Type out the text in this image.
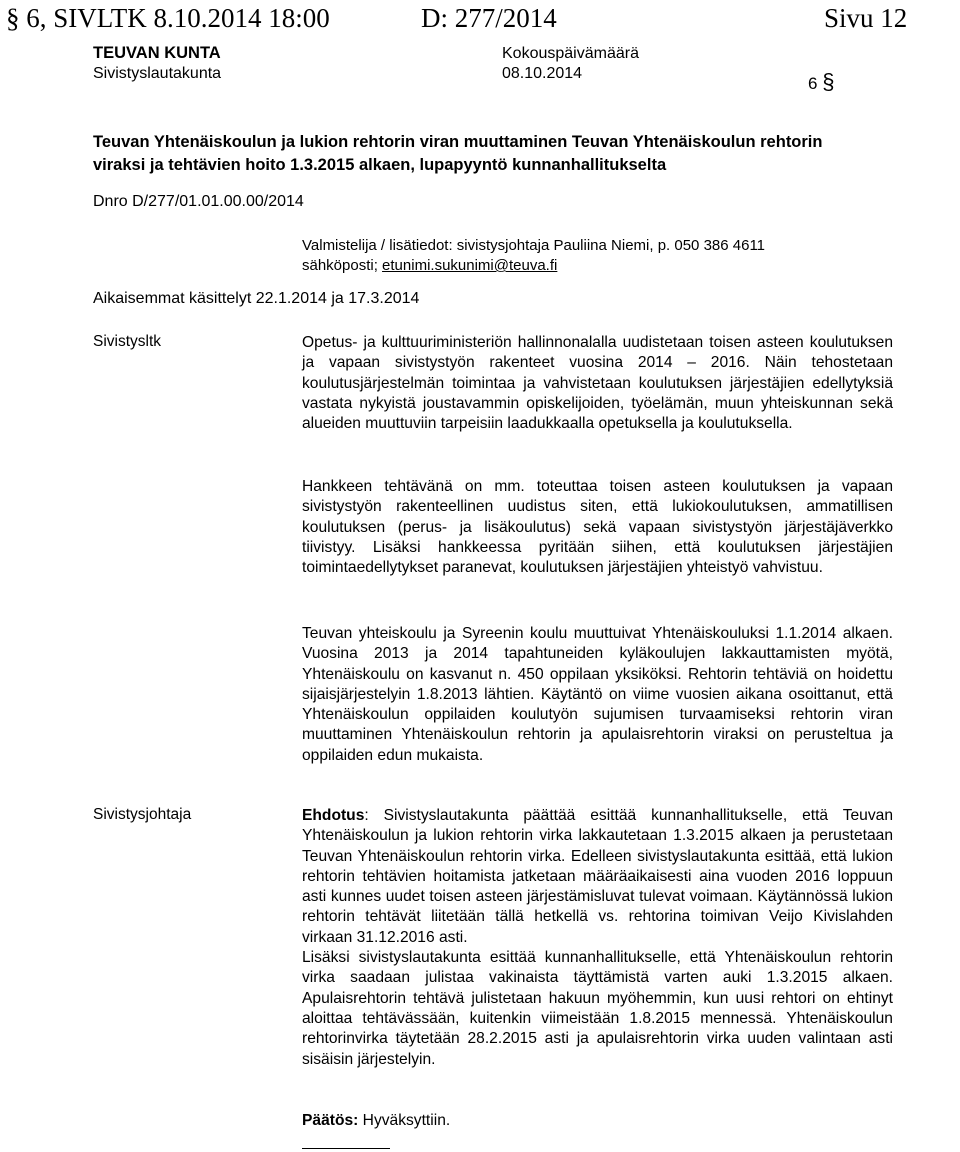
§ 6, SIVLTK 8.10.2014 18:00	D: 277/2014	Sivu 12
TEUVAN KUNTA	Kokouspäivämäärä
Sivistyslautakunta	08.10.2014
6 §
Teuvan Yhtenäiskoulun ja lukion rehtorin viran muuttaminen Teuvan Yhtenäiskoulun rehtorin
viraksi ja tehtävien hoito 1.3.2015 alkaen, lupapyyntö kunnanhallitukselta
Dnro D/277/01.01.00.00/2014
Valmistelija / lisätiedot: sivistysjohtaja Pauliina Niemi, p. 050 386 4611
sähköposti; etunimi.sukunimi@teuva.fi
Aikaisemmat käsittelyt 22.1.2014 ja 17.3.2014
Sivistysltk	Opetus- ja kulttuuriministeriön hallinnonalalla uudistetaan toisen asteen koulutuksen ja vapaan sivistystyön rakenteet vuosina 2014 – 2016. Näin tehostetaan koulutusjärjestelmän toimintaa ja vahvistetaan koulutuksen järjestäjien edellytyksiä vastata nykyistä joustavammin opiskelijoiden, työelämän, muun yhteiskunnan sekä alueiden muuttuviin tarpeisiin laadukkaalla opetuksella ja koulutuksella.

Hankkeen tehtävänä on mm. toteuttaa toisen asteen koulutuksen ja vapaan sivistystyön rakenteellinen uudistus siten, että lukiokoulutuksen, ammatillisen koulutuksen (perus- ja lisäkoulutus) sekä vapaan sivistystyön järjestäjäverkko tiivistyy. Lisäksi hankkeessa pyritään siihen, että koulutuksen järjestäjien toimintaedellytykset paranevat, koulutuksen järjestäjien yhteistyö vahvistuu.

Teuvan yhteiskoulu ja Syreenin koulu muuttuivat Yhtenäiskouluksi 1.1.2014 alkaen. Vuosina 2013 ja 2014 tapahtuneiden kyläkoulujen lakkauttamisten myötä, Yhtenäiskoulu on kasvanut n. 450 oppilaan yksiköksi. Rehtorin tehtäviä on hoidettu sijaisjärjestelyin 1.8.2013 lähtien. Käytäntö on viime vuosien aikana osoittanut, että Yhtenäiskoulun oppilaiden koulutyön sujumisen turvaamiseksi rehtorin viran muuttaminen Yhtenäiskoulun rehtorin ja apulaisrehtorin viraksi on perusteltua ja oppilaiden edun mukaista.

Sivistysjohtaja	Ehdotus: Sivistyslautakunta päättää esittää kunnanhallitukselle, että Teuvan Yhtenäiskoulun ja lukion rehtorin virka lakkautetaan 1.3.2015 alkaen ja perustetaan Teuvan Yhtenäiskoulun rehtorin virka. Edelleen sivistyslautakunta esittää, että lukion rehtorin tehtävien hoitamista jatketaan määräaikaisesti aina vuoden 2016 loppuun asti kunnes uudet toisen asteen järjestämisluvat tulevat voimaan. Käytännössä lukion rehtorin tehtävät liitetään tällä hetkellä vs. rehtorina toimivan Veijo Kivislahden virkaan 31.12.2016 asti.

Lisäksi sivistyslautakunta esittää kunnanhallitukselle, että Yhtenäiskoulun rehtorin virka saadaan julistaa vakinaista täyttämistä varten auki 1.3.2015 alkaen. Apulaisrehtorin tehtävä julistetaan hakuun myöhemmin, kun uusi rehtori on ehtinyt aloittaa tehtävässään, kuitenkin viimeistään 1.8.2015 mennessä. Yhtenäiskoulun rehtorinvirka täytetään 28.2.2015 asti ja apulaisrehtorin virka uuden valintaan asti sisäisin järjestelyin.

Päätös: Hyväksyttiin.
